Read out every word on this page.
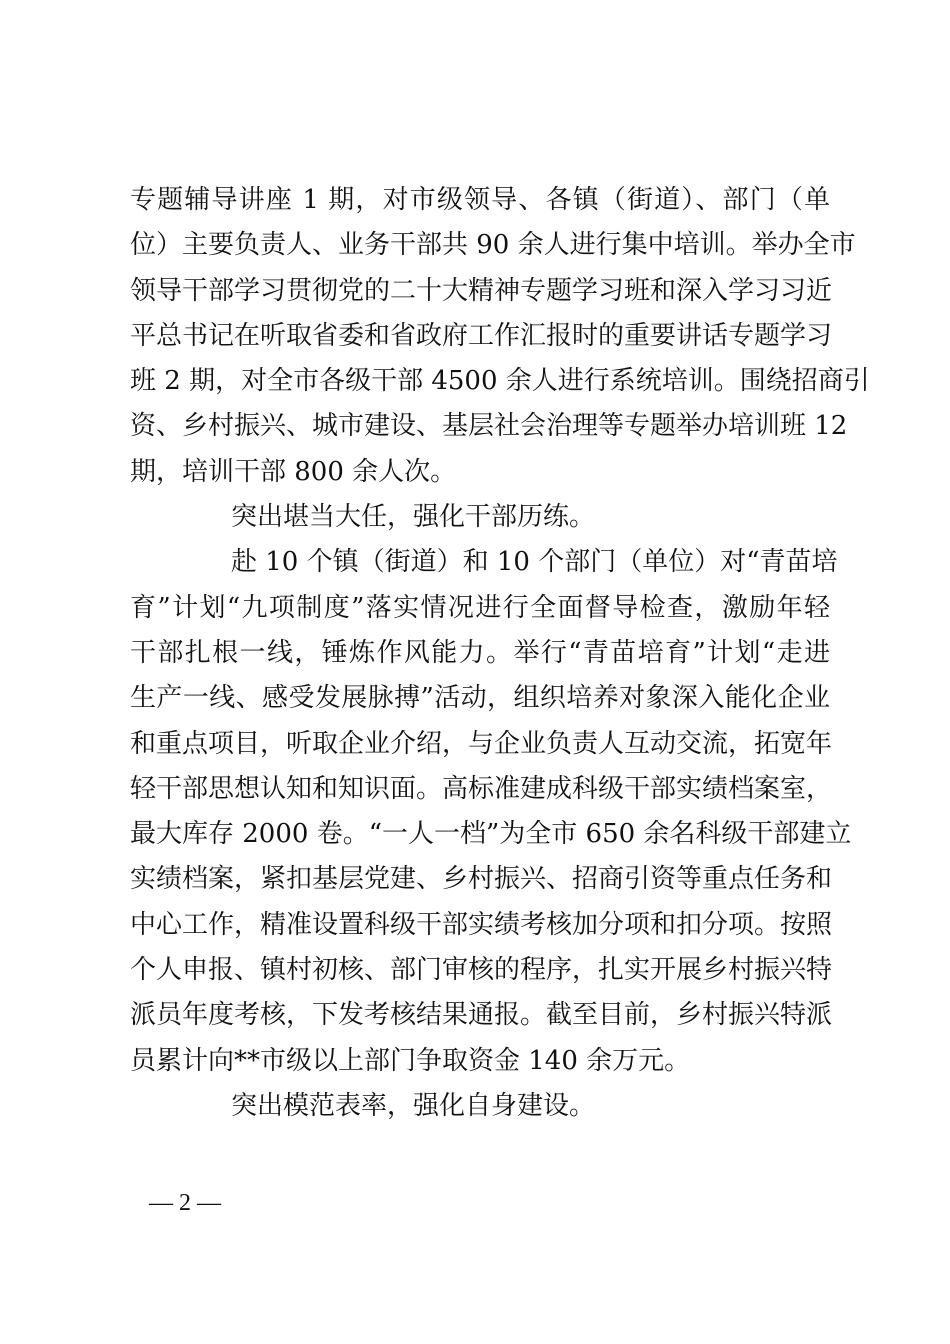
专题辅导讲座 1 期，对市级领导、各镇（街道）、部门（单
位）主要负责人、业务干部共 90 余人进行集中培训。举办全市
领导干部学习贯彻党的二十大精神专题学习班和深入学习习近
平总书记在听取省委和省政府工作汇报时的重要讲话专题学习
班 2 期，对全市各级干部 4500 余人进行系统培训。围绕招商引
资、乡村振兴、城市建设、基层社会治理等专题举办培训班 12
期，培训干部 800 余人次。
突出堪当大任，强化干部历练。
赴 10 个镇（街道）和 10 个部门（单位）对“青苗培
育”计划“九项制度”落实情况进行全面督导检查，激励年轻
干部扎根一线，锤炼作风能力。举行“青苗培育”计划“走进
生产一线、感受发展脉搏”活动，组织培养对象深入能化企业
和重点项目，听取企业介绍，与企业负责人互动交流，拓宽年
轻干部思想认知和知识面。高标准建成科级干部实绩档案室，
最大库存 2000 卷。“一人一档”为全市 650 余名科级干部建立
实绩档案，紧扣基层党建、乡村振兴、招商引资等重点任务和
中心工作，精准设置科级干部实绩考核加分项和扣分项。按照
个人申报、镇村初核、部门审核的程序，扎实开展乡村振兴特
派员年度考核，下发考核结果通报。截至目前，乡村振兴特派
员累计向**市级以上部门争取资金 140 余万元。
突出模范表率，强化自身建设。
— 2 —
